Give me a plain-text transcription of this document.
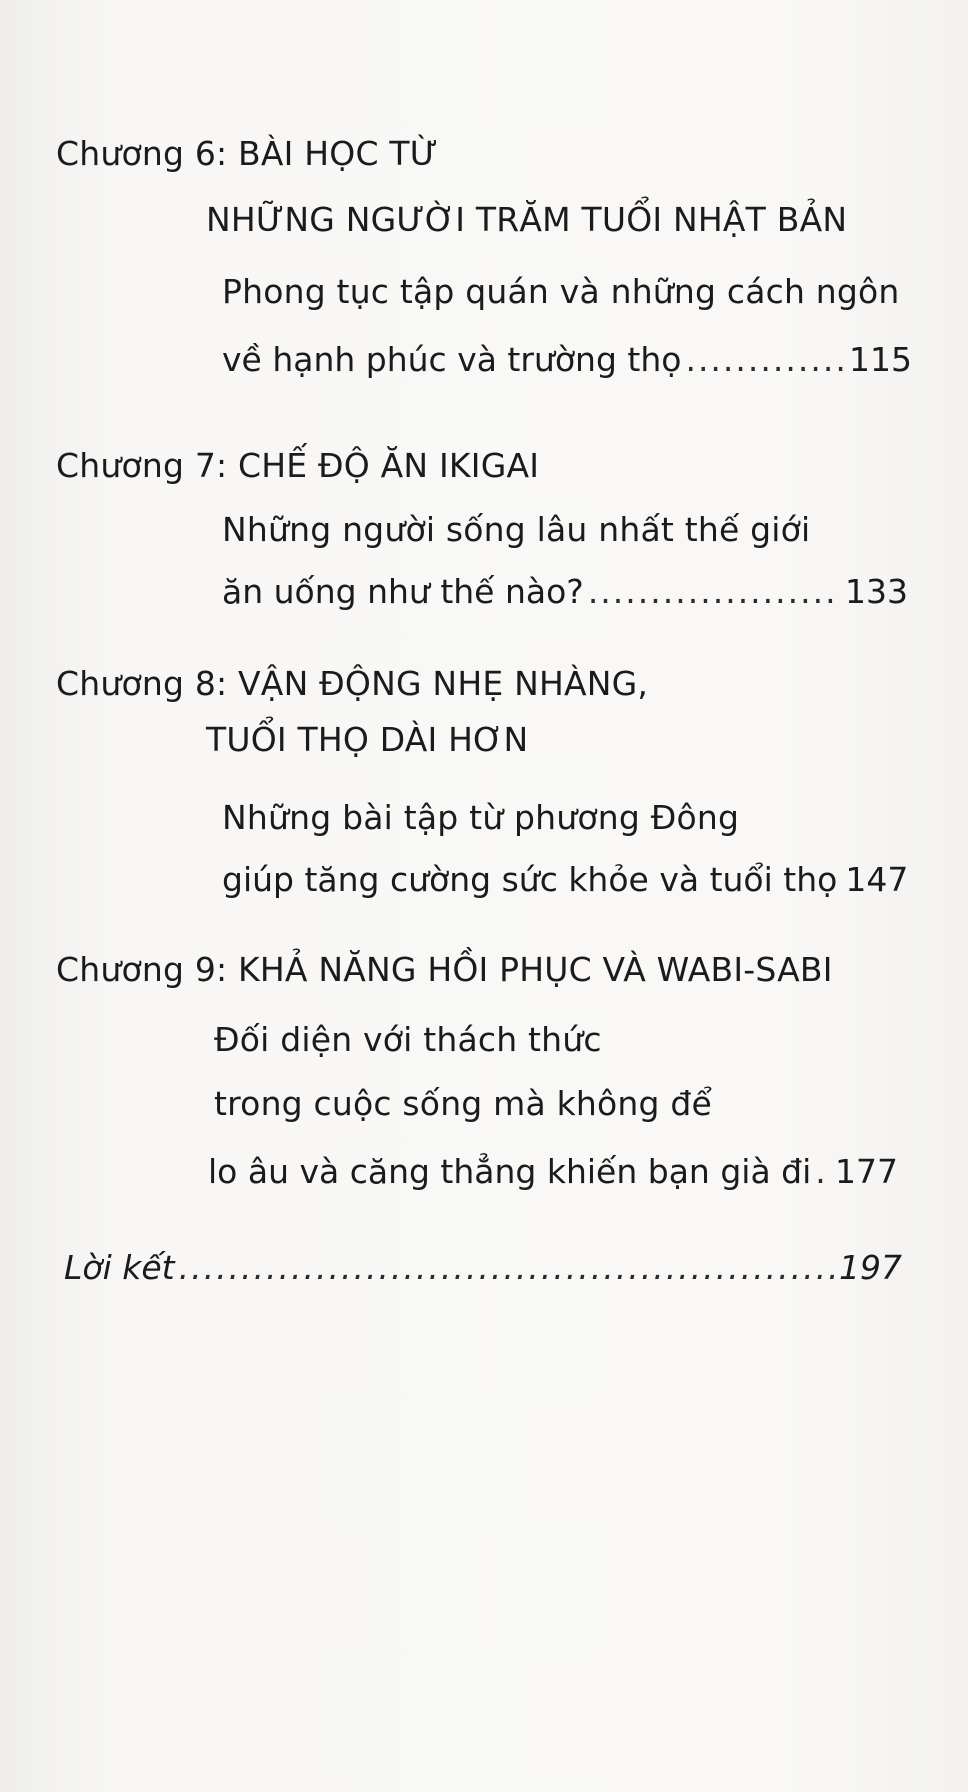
Chương 6: BÀI HỌC TỪ
NHỮNG NGƯỜI TRĂM TUỔI NHẬT BẢN
Phong tục tập quán và những cách ngôn
về hạnh phúc và trường thọ .....	115
Chương 7: CHẾ ĐỘ ĂN IKIGAI
Những người sống lâu nhất thế giới
ăn uống như thế nào? .....	133
Chương 8: VẬN ĐỘNG NHẸ NHÀNG,
TUỔI THỌ DÀI HƠN
Những bài tập từ phương Đông
giúp tăng cường sức khỏe và tuổi thọ 147
Chương 9: KHẢ NĂNG HỒI PHỤC VÀ WABI-SABI
Đối diện với thách thức
trong cuộc sống mà không để
lo âu và căng thẳng khiến bạn già đi ..... 177
Lời kết .....	197
